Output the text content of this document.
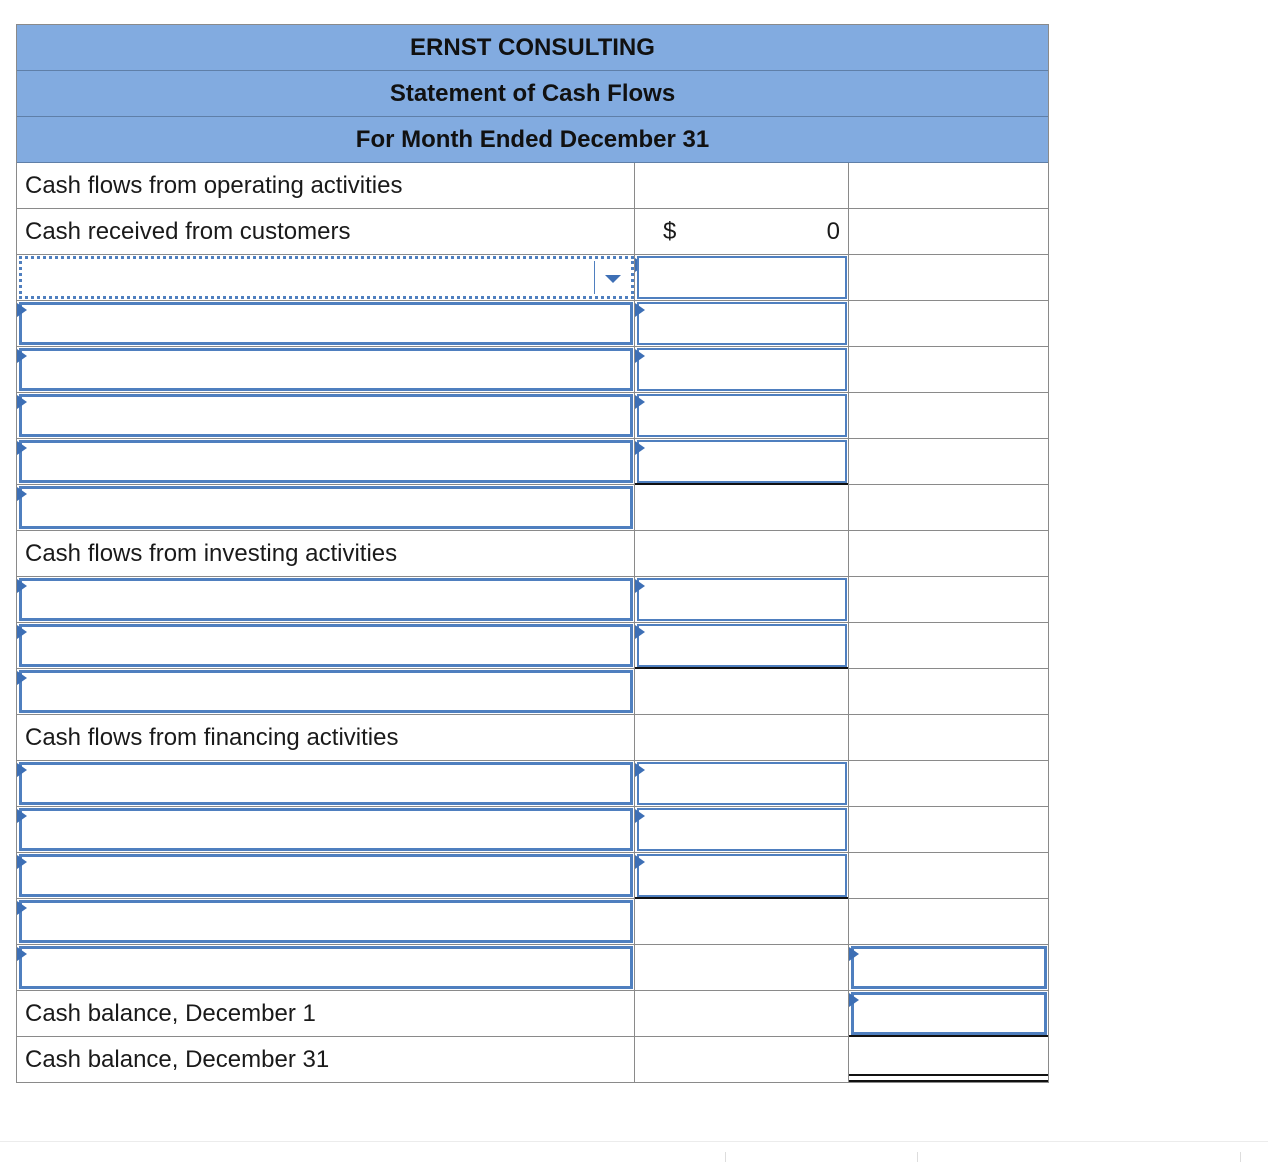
ERNST CONSULTING
Statement of Cash Flows
For Month Ended December 31
Cash flows from operating activities
Cash received from customers	$	0
Cash flows from investing activities
Cash flows from financing activities
Cash balance, December 1
Cash balance, December 31
